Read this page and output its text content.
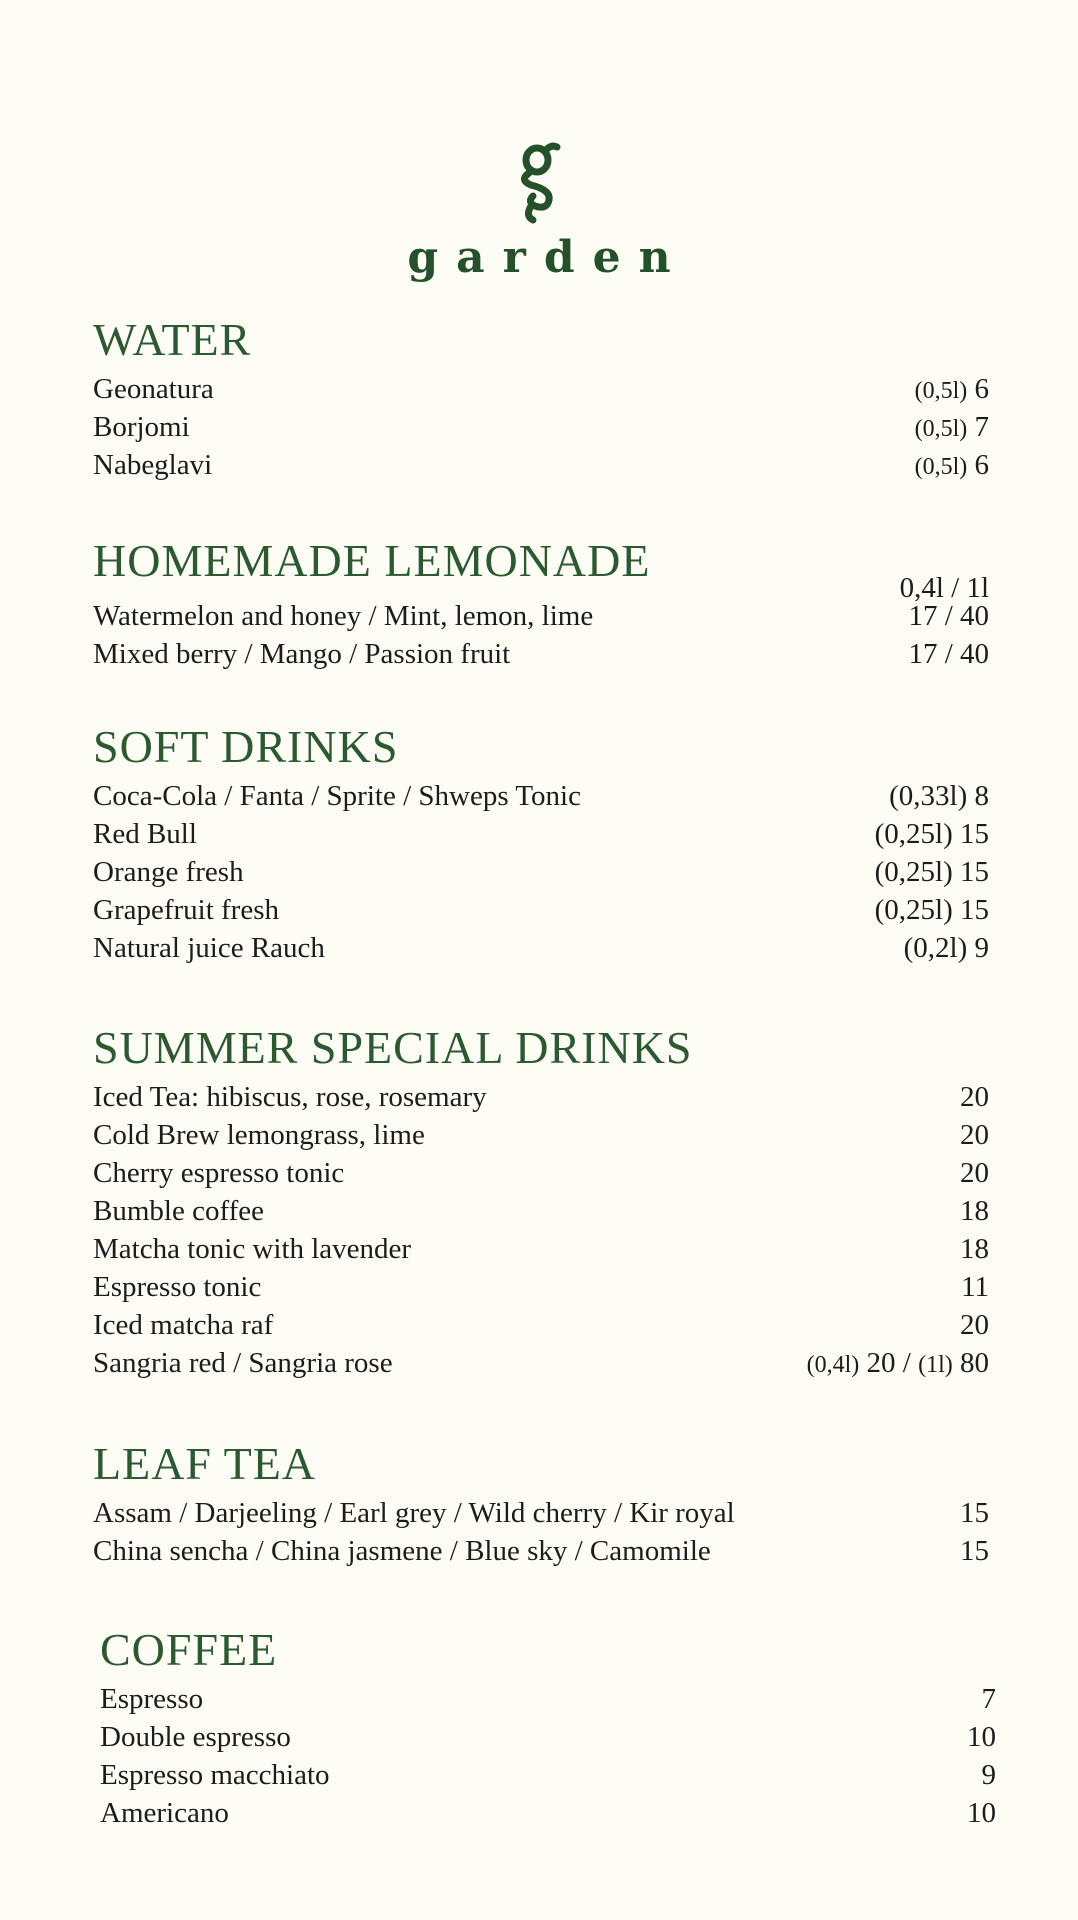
garden
WATER
Geonatura	(0,5l) 6
Borjomi	(0,5l) 7
Nabeglavi	(0,5l) 6
HOMEMADE LEMONADE
0,4l / 1l
Watermelon and honey / Mint, lemon, lime	17 / 40
Mixed berry / Mango / Passion fruit	17 / 40
SOFT DRINKS
Coca-Cola / Fanta / Sprite / Shweps Tonic	(0,33l) 8
Red Bull	(0,25l) 15
Orange fresh	(0,25l) 15
Grapefruit fresh	(0,25l) 15
Natural juice Rauch	(0,2l) 9
SUMMER SPECIAL DRINKS
Iced Tea: hibiscus, rose, rosemary	20
Cold Brew lemongrass, lime	20
Cherry espresso tonic	20
Bumble coffee	18
Matcha tonic with lavender	18
Espresso tonic	11
Iced matcha raf	20
Sangria red / Sangria rose	(0,4l) 20 / (1l) 80
LEAF TEA
Assam / Darjeeling / Earl grey / Wild cherry / Kir royal	15
China sencha / China jasmene / Blue sky / Camomile	15
COFFEE
Espresso	7
Double espresso	10
Espresso macchiato	9
Americano	10
